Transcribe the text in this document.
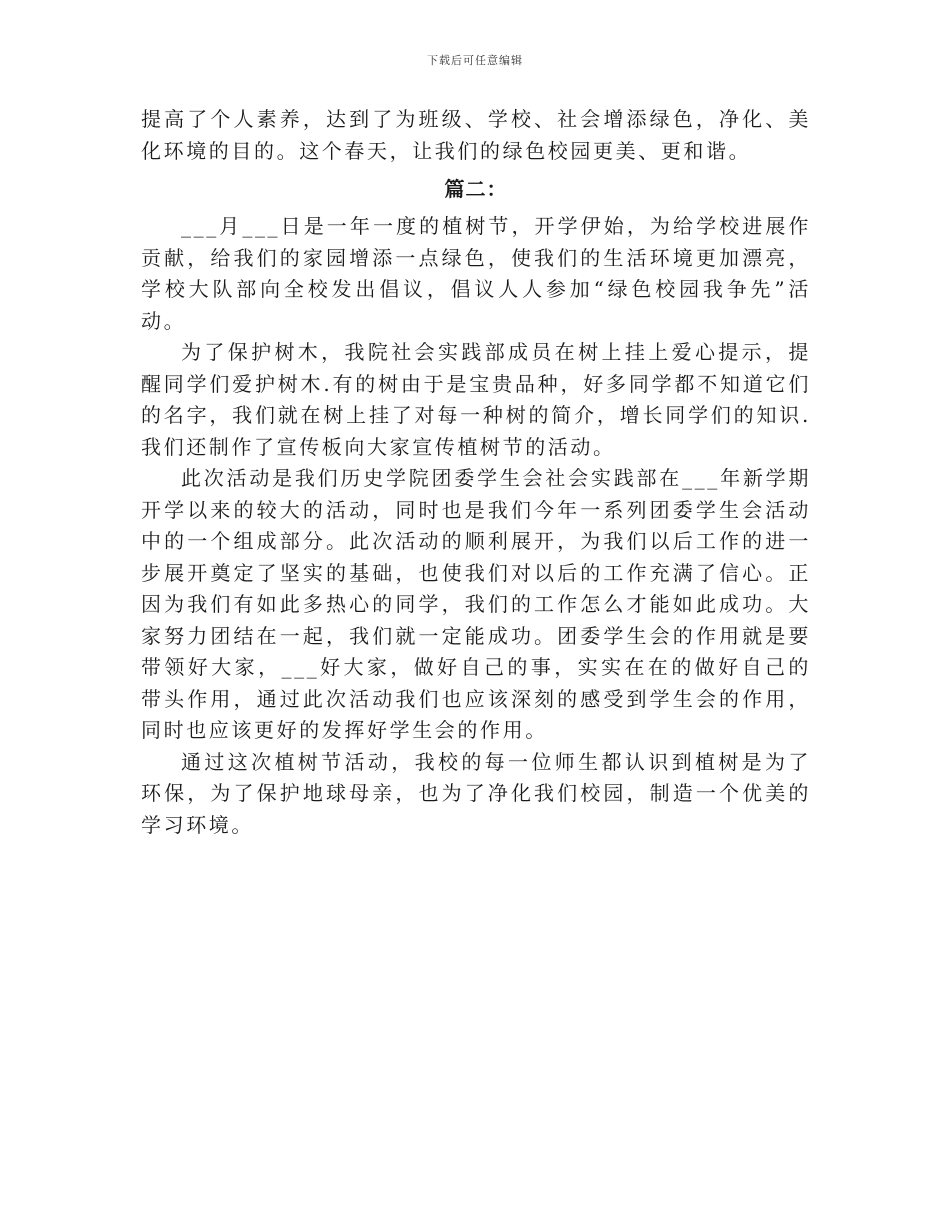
下载后可任意编辑

提高了个人素养，达到了为班级、学校、社会增添绿色，净化、美化环境的目的。这个春天，让我们的绿色校园更美、更和谐。

篇二：

___月___日是一年一度的植树节，开学伊始，为给学校进展作贡献，给我们的家园增添一点绿色，使我们的生活环境更加漂亮，学校大队部向全校发出倡议，倡议人人参加“绿色校园我争先”活动。

为了保护树木，我院社会实践部成员在树上挂上爱心提示，提醒同学们爱护树木.有的树由于是宝贵品种，好多同学都不知道它们的名字，我们就在树上挂了对每一种树的简介，增长同学们的知识.我们还制作了宣传板向大家宣传植树节的活动。

此次活动是我们历史学院团委学生会社会实践部在___年新学期开学以来的较大的活动，同时也是我们今年一系列团委学生会活动中的一个组成部分。此次活动的顺利展开，为我们以后工作的进一步展开奠定了坚实的基础，也使我们对以后的工作充满了信心。正因为我们有如此多热心的同学，我们的工作怎么才能如此成功。大家努力团结在一起，我们就一定能成功。团委学生会的作用就是要带领好大家，___好大家，做好自己的事，实实在在的做好自己的带头作用，通过此次活动我们也应该深刻的感受到学生会的作用，同时也应该更好的发挥好学生会的作用。

通过这次植树节活动，我校的每一位师生都认识到植树是为了环保，为了保护地球母亲，也为了净化我们校园，制造一个优美的学习环境。
